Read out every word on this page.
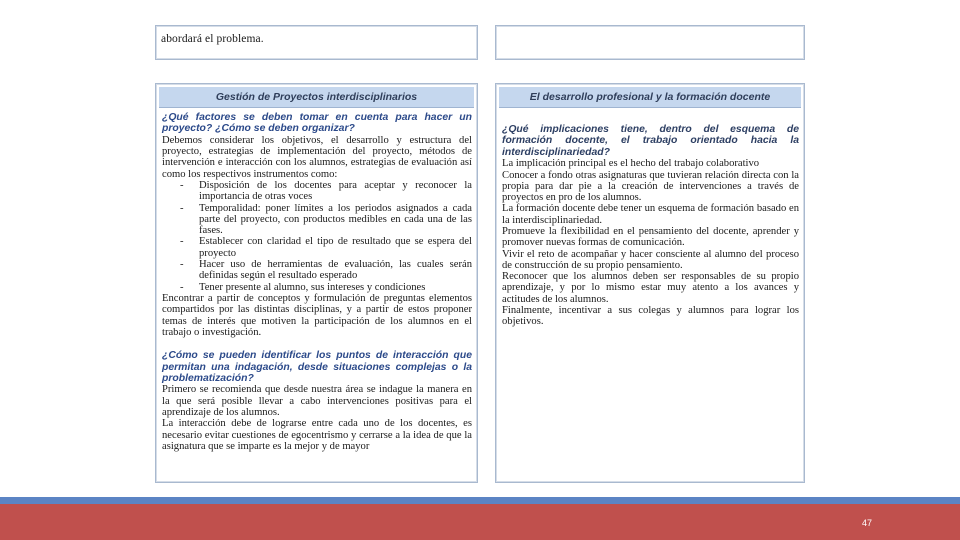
abordará el problema.
Gestión de Proyectos interdisciplinarios
¿Qué factores se deben tomar en cuenta para hacer un proyecto? ¿Cómo se deben organizar?

Debemos considerar los objetivos, el desarrollo y estructura del proyecto, estrategias de implementación del proyecto, métodos de intervención e interacción con los alumnos, estrategias de evaluación así como los respectivos instrumentos como:

- Disposición de los docentes para aceptar y reconocer la importancia de otras voces
- Temporalidad: poner límites a los periodos asignados a cada parte del proyecto, con productos medibles en cada una de las fases.
- Establecer con claridad el tipo de resultado que se espera del proyecto
- Hacer uso de herramientas de evaluación, las cuales serán definidas según el resultado esperado
- Tener presente al alumno, sus intereses y condiciones

Encontrar a partir de conceptos y formulación de preguntas elementos compartidos por las distintas disciplinas, y a partir de estos proponer temas de interés que motiven la participación de los alumnos en el trabajo o investigación.

¿Cómo se pueden identificar los puntos de interacción que permitan una indagación, desde situaciones complejas o la problematización?

Primero se recomienda que desde nuestra área se indague la manera en la que será posible llevar a cabo intervenciones positivas para el aprendizaje de los alumnos.

La interacción debe de lograrse entre cada uno de los docentes, es necesario evitar cuestiones de egocentrismo y cerrarse a la idea de que la asignatura que se imparte es la mejor y de mayor

El desarrollo profesional y la formación docente
¿Qué implicaciones tiene, dentro del esquema de formación docente, el trabajo orientado hacia la interdisciplinariedad?

La implicación principal es el hecho del trabajo colaborativo

Conocer a fondo otras asignaturas que tuvieran relación directa con la propia para dar pie a la creación de intervenciones a través de proyectos en pro de los alumnos.

La formación docente debe tener un esquema de formación basado en la interdisciplinariedad.

Promueve la flexibilidad en el pensamiento del docente, aprender y promover nuevas formas de comunicación.

Vivir el reto de acompañar y hacer consciente al alumno del proceso de construcción de su propio pensamiento.

Reconocer que los alumnos deben ser responsables de su propio aprendizaje, y por lo mismo estar muy atento a los avances y actitudes de los alumnos.

Finalmente, incentivar a sus colegas y alumnos para lograr los objetivos.

47
